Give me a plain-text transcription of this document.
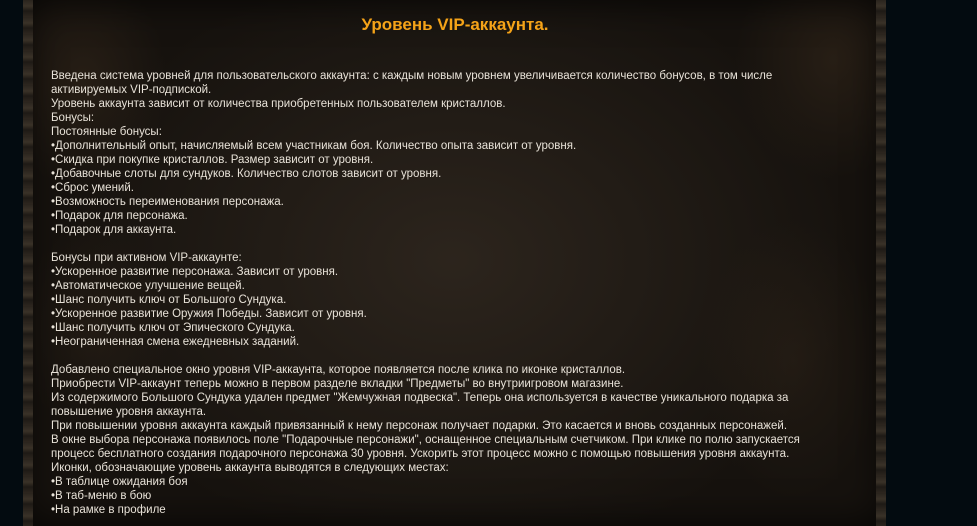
Уровень VIP-аккаунта.
Введена система уровней для пользовательского аккаунта: с каждым новым уровнем увеличивается количество бонусов, в том числе
активируемых VIP-подпиской.
Уровень аккаунта зависит от количества приобретенных пользователем кристаллов.
Бонусы:
Постоянные бонусы:
•Дополнительный опыт, начисляемый всем участникам боя. Количество опыта зависит от уровня.
•Скидка при покупке кристаллов. Размер зависит от уровня.
•Добавочные слоты для сундуков. Количество слотов зависит от уровня.
•Сброс умений.
•Возможность переименования персонажа.
•Подарок для персонажа.
•Подарок для аккаунта.
Бонусы при активном VIP-аккаунте:
•Ускоренное развитие персонажа. Зависит от уровня.
•Автоматическое улучшение вещей.
•Шанс получить ключ от Большого Сундука.
•Ускоренное развитие Оружия Победы. Зависит от уровня.
•Шанс получить ключ от Эпического Сундука.
•Неограниченная смена ежедневных заданий.
Добавлено специальное окно уровня VIP-аккаунта, которое появляется после клика по иконке кристаллов.
Приобрести VIP-аккаунт теперь можно в первом разделе вкладки "Предметы" во внутриигровом магазине.
Из содержимого Большого Сундука удален предмет "Жемчужная подвеска". Теперь она используется в качестве уникального подарка за
повышение уровня аккаунта.
При повышении уровня аккаунта каждый привязанный к нему персонаж получает подарки. Это касается и вновь созданных персонажей.
В окне выбора персонажа появилось поле "Подарочные персонажи", оснащенное специальным счетчиком. При клике по полю запускается
процесс бесплатного создания подарочного персонажа 30 уровня. Ускорить этот процесс можно с помощью повышения уровня аккаунта.
Иконки, обозначающие уровень аккаунта выводятся в следующих местах:
•В таблице ожидания боя
•В таб-меню в бою
•На рамке в профиле
